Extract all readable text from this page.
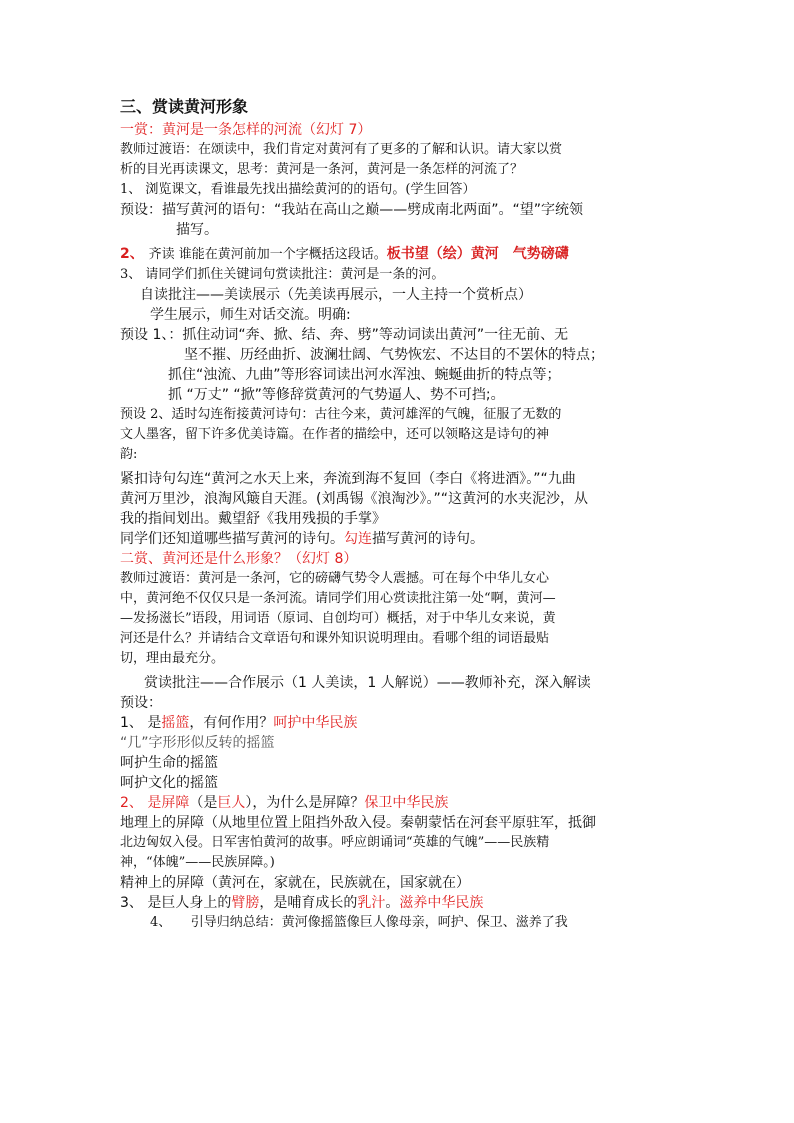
三、赏读黄河形象

一赏：黄河是一条怎样的河流（幻灯 7）

教师过渡语：在颂读中，我们肯定对黄河有了更多的了解和认识。请大家以赏

析的目光再读课文，思考：黄河是一条河，黄河是一条怎样的河流了？

1、 浏览课文，看谁最先找出描绘黄河的的语句。(学生回答）

预设：描写黄河的语句：“我站在高山之巅——劈成南北两面”。“望”字统领

描写。

2、 齐读 谁能在黄河前加一个字概括这段话。板书望（绘）黄河　气势磅礴

3、 请同学们抓住关键词句赏读批注：黄河是一条的河。

自读批注——美读展示（先美读再展示，一人主持一个赏析点）

学生展示，师生对话交流。明确:

预设 1、：抓住动词“奔、掀、结、奔、劈”等动词读出黄河”一往无前、无

坚不摧、历经曲折、波澜壮阔、气势恢宏、不达目的不罢休的特点；

抓住“浊流、九曲”等形容词读出河水浑浊、蜿蜒曲折的特点等；

抓 “万丈” “掀”等修辞赏黄河的气势逼人、势不可挡;。

预设 2、适时勾连衔接黄河诗句：古往今来，黄河雄浑的气魄，征服了无数的

文人墨客，留下许多优美诗篇。在作者的描绘中，还可以领略这是诗句的神

韵:

紧扣诗句勾连“黄河之水天上来，奔流到海不复回（李白《将进酒》。”“九曲

黄河万里沙，浪淘风簸自天涯。(刘禹锡《浪淘沙》。”“这黄河的水夹泥沙，从

我的指间划出。戴望舒《我用残损的手掌》

同学们还知道哪些描写黄河的诗句。勾连描写黄河的诗句。

二赏、黄河还是什么形象？（幻灯 8）

教师过渡语：黄河是一条河，它的磅礴气势令人震撼。可在每个中华儿女心

中，黄河绝不仅仅只是一条河流。请同学们用心赏读批注第一处“啊，黄河—

—发扬滋长”语段，用词语（原词、自创均可）概括，对于中华儿女来说，黄

河还是什么？并请结合文章语句和课外知识说明理由。看哪个组的词语最贴

切，理由最充分。

赏读批注——合作展示（1 人美读，1 人解说）——教师补充，深入解读

预设：

1、 是摇篮，有何作用？呵护中华民族

“几”字形形似反转的摇篮

呵护生命的摇篮

呵护文化的摇篮

2、 是屏障（是巨人），为什么是屏障？保卫中华民族

地理上的屏障（从地里位置上阻挡外敌入侵。秦朝蒙恬在河套平原驻军，抵御

北边匈奴入侵。日军害怕黄河的故事。呼应朗诵词“英雄的气魄”——民族精

神，“体魄”——民族屏障。)

精神上的屏障（黄河在，家就在，民族就在，国家就在）

3、 是巨人身上的臂膀，是哺育成长的乳汁。滋养中华民族

4、　　引导归纳总结：黄河像摇篮像巨人像母亲，呵护、保卫、滋养了我
